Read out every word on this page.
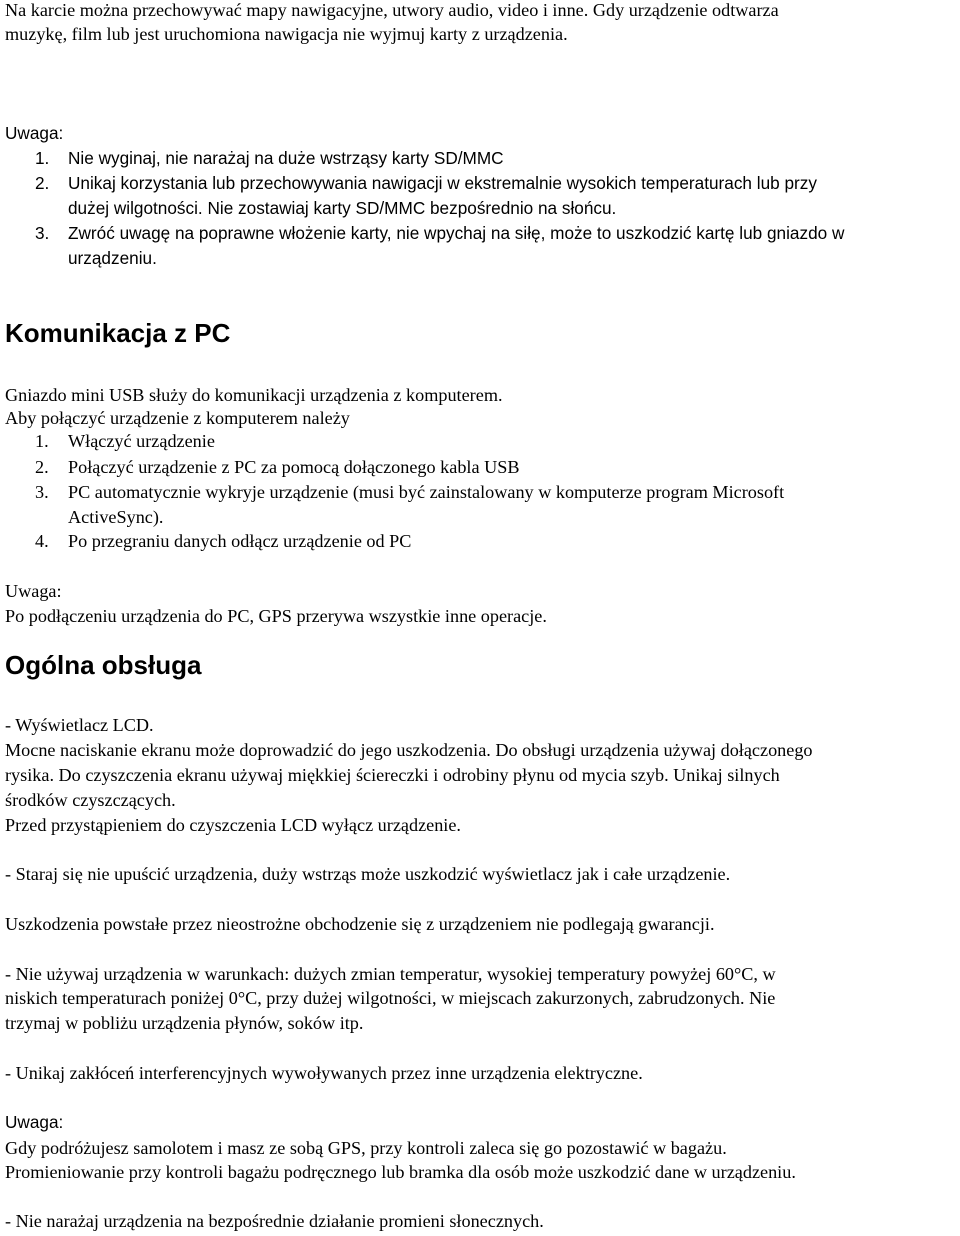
Na karcie można przechowywać mapy nawigacyjne, utwory audio, video i inne. Gdy urządzenie odtwarza
muzykę, film lub jest uruchomiona nawigacja nie wyjmuj karty z urządzenia.
Uwaga:
1. Nie wyginaj, nie narażaj na duże wstrząsy karty SD/MMC
2. Unikaj korzystania lub przechowywania nawigacji w ekstremalnie wysokich temperaturach lub przy
dużej wilgotności. Nie zostawiaj karty SD/MMC bezpośrednio na słońcu.
3. Zwróć uwagę na poprawne włożenie karty, nie wpychaj na siłę, może to uszkodzić kartę lub gniazdo w
urządzeniu.
Komunikacja z PC
Gniazdo mini USB służy do komunikacji urządzenia z komputerem.
Aby połączyć urządzenie z komputerem należy
1. Włączyć urządzenie
2. Połączyć urządzenie z PC za pomocą dołączonego kabla USB
3. PC automatycznie wykryje urządzenie (musi być zainstalowany w komputerze program Microsoft
ActiveSync).
4. Po przegraniu danych odłącz urządzenie od PC
Uwaga:
Po podłączeniu urządzenia do PC, GPS przerywa wszystkie inne operacje.
Ogólna obsługa
- Wyświetlacz LCD.
Mocne naciskanie ekranu może doprowadzić do jego uszkodzenia. Do obsługi urządzenia używaj dołączonego
rysika. Do czyszczenia ekranu używaj miękkiej ściereczki i odrobiny płynu od mycia szyb. Unikaj silnych
środków czyszczących.
Przed przystąpieniem do czyszczenia LCD wyłącz urządzenie.
- Staraj się nie upuścić urządzenia, duży wstrząs może uszkodzić wyświetlacz jak i całe urządzenie.
Uszkodzenia powstałe przez nieostrożne obchodzenie się z urządzeniem nie podlegają gwarancji.
- Nie używaj urządzenia w warunkach: dużych zmian temperatur, wysokiej temperatury powyżej 60°C, w
niskich temperaturach poniżej 0°C, przy dużej wilgotności, w miejscach zakurzonych, zabrudzonych. Nie
trzymaj w pobliżu urządzenia płynów, soków itp.
- Unikaj zakłóceń interferencyjnych wywoływanych przez inne urządzenia elektryczne.
Uwaga:
Gdy podróżujesz samolotem i masz ze sobą GPS, przy kontroli zaleca się go pozostawić w bagażu.
Promieniowanie przy kontroli bagażu podręcznego lub bramka dla osób może uszkodzić dane w urządzeniu.
- Nie narażaj urządzenia na bezpośrednie działanie promieni słonecznych.
